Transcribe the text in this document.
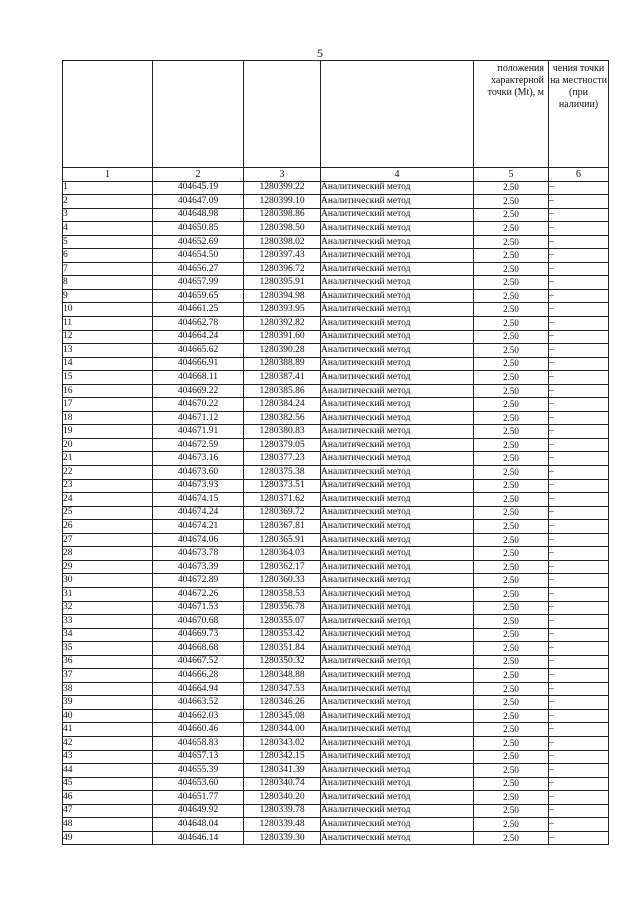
5
				положения характерной точки (Mt), м	чения точки на местности (при наличии)
1	2	3	4	5	6
1	404645.19	1280399.22	Аналитический метод	2.50	–
2	404647.09	1280399.10	Аналитический метод	2.50	–
3	404648.98	1280398.86	Аналитический метод	2.50	–
4	404650.85	1280398.50	Аналитический метод	2.50	–
5	404652.69	1280398.02	Аналитический метод	2.50	–
6	404654.50	1280397.43	Аналитический метод	2.50	–
7	404656.27	1280396.72	Аналитический метод	2.50	–
8	404657.99	1280395.91	Аналитический метод	2.50	–
9	404659.65	1280394.98	Аналитический метод	2.50	–
10	404661.25	1280393.95	Аналитический метод	2.50	–
11	404662.78	1280392.82	Аналитический метод	2.50	–
12	404664.24	1280391.60	Аналитический метод	2.50	–
13	404665.62	1280390.28	Аналитический метод	2.50	–
14	404666.91	1280388.89	Аналитический метод	2.50	–
15	404668.11	1280387.41	Аналитический метод	2.50	–
16	404669.22	1280385.86	Аналитический метод	2.50	–
17	404670.22	1280384.24	Аналитический метод	2.50	–
18	404671.12	1280382.56	Аналитический метод	2.50	–
19	404671.91	1280380.83	Аналитический метод	2.50	–
20	404672.59	1280379.05	Аналитический метод	2.50	–
21	404673.16	1280377.23	Аналитический метод	2.50	–
22	404673.60	1280375.38	Аналитический метод	2.50	–
23	404673.93	1280373.51	Аналитический метод	2.50	–
24	404674.15	1280371.62	Аналитический метод	2.50	–
25	404674.24	1280369.72	Аналитический метод	2.50	–
26	404674.21	1280367.81	Аналитический метод	2.50	–
27	404674.06	1280365.91	Аналитический метод	2.50	–
28	404673.78	1280364.03	Аналитический метод	2.50	–
29	404673.39	1280362.17	Аналитический метод	2.50	–
30	404672.89	1280360.33	Аналитический метод	2.50	–
31	404672.26	1280358.53	Аналитический метод	2.50	–
32	404671.53	1280356.78	Аналитический метод	2.50	–
33	404670.68	1280355.07	Аналитический метод	2.50	–
34	404669.73	1280353.42	Аналитический метод	2.50	–
35	404668.68	1280351.84	Аналитический метод	2.50	–
36	404667.52	1280350.32	Аналитический метод	2.50	–
37	404666.28	1280348.88	Аналитический метод	2.50	–
38	404664.94	1280347.53	Аналитический метод	2.50	–
39	404663.52	1280346.26	Аналитический метод	2.50	–
40	404662.03	1280345.08	Аналитический метод	2.50	–
41	404660.46	1280344.00	Аналитический метод	2.50	–
42	404658.83	1280343.02	Аналитический метод	2.50	–
43	404657.13	1280342.15	Аналитический метод	2.50	–
44	404655.39	1280341.39	Аналитический метод	2.50	–
45	404653.60	1280340.74	Аналитический метод	2.50	–
46	404651.77	1280340.20	Аналитический метод	2.50	–
47	404649.92	1280339.78	Аналитический метод	2.50	–
48	404648.04	1280339.48	Аналитический метод	2.50	–
49	404646.14	1280339.30	Аналитический метод	2.50	–
